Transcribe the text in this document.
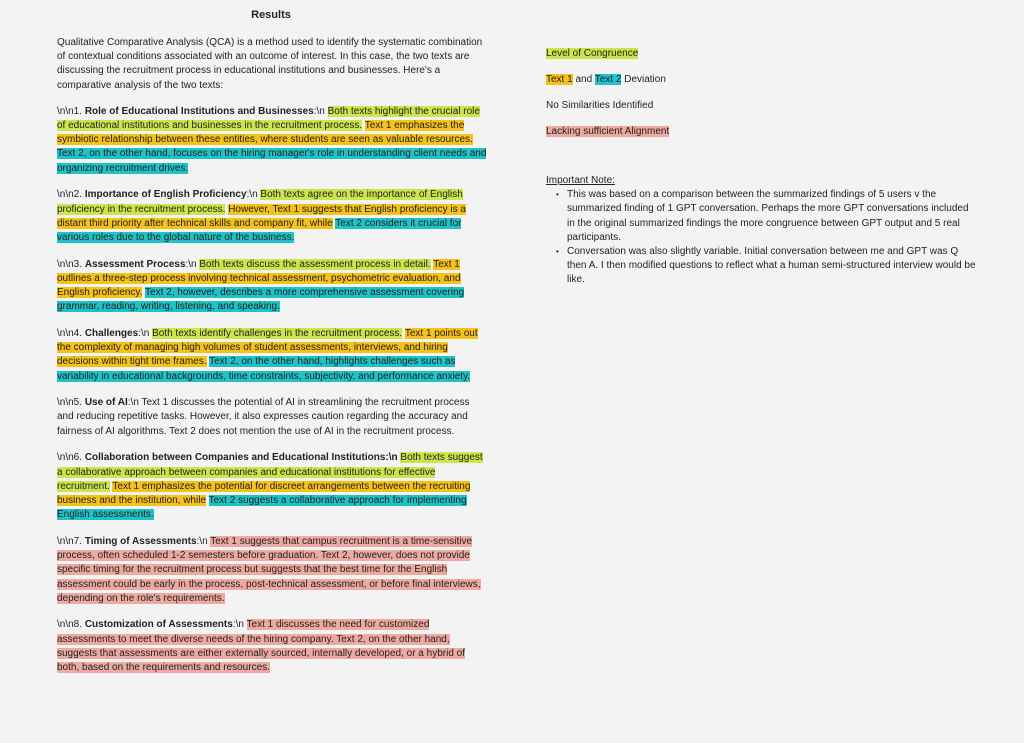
Results

Qualitative Comparative Analysis (QCA) is a method used to identify the systematic combination of contextual conditions associated with an outcome of interest. In this case, the two texts are discussing the recruitment process in educational institutions and businesses. Here's a comparative analysis of the two texts:

\n\n1. Role of Educational Institutions and Businesses:\n Both texts highlight the crucial role of educational institutions and businesses in the recruitment process. Text 1 emphasizes the symbiotic relationship between these entities, where students are seen as valuable resources. Text 2, on the other hand, focuses on the hiring manager's role in understanding client needs and organizing recruitment drives.

\n\n2. Importance of English Proficiency:\n Both texts agree on the importance of English proficiency in the recruitment process. However, Text 1 suggests that English proficiency is a distant third priority after technical skills and company fit, while Text 2 considers it crucial for various roles due to the global nature of the business.

\n\n3. Assessment Process:\n Both texts discuss the assessment process in detail. Text 1 outlines a three-step process involving technical assessment, psychometric evaluation, and English proficiency. Text 2, however, describes a more comprehensive assessment covering grammar, reading, writing, listening, and speaking.

\n\n4. Challenges:\n Both texts identify challenges in the recruitment process. Text 1 points out the complexity of managing high volumes of student assessments, interviews, and hiring decisions within tight time frames. Text 2, on the other hand, highlights challenges such as variability in educational backgrounds, time constraints, subjectivity, and performance anxiety.

\n\n5. Use of AI:\n Text 1 discusses the potential of AI in streamlining the recruitment process and reducing repetitive tasks. However, it also expresses caution regarding the accuracy and fairness of AI algorithms. Text 2 does not mention the use of AI in the recruitment process.

\n\n6. Collaboration between Companies and Educational Institutions:\n Both texts suggest a collaborative approach between companies and educational institutions for effective recruitment. Text 1 emphasizes the potential for discreet arrangements between the recruiting business and the institution, while Text 2 suggests a collaborative approach for implementing English assessments.

\n\n7. Timing of Assessments:\n Text 1 suggests that campus recruitment is a time-sensitive process, often scheduled 1-2 semesters before graduation. Text 2, however, does not provide specific timing for the recruitment process but suggests that the best time for the English assessment could be early in the process, post-technical assessment, or before final interviews, depending on the role's requirements.

\n\n8. Customization of Assessments:\n Text 1 discusses the need for customized assessments to meet the diverse needs of the hiring company. Text 2, on the other hand, suggests that assessments are either externally sourced, internally developed, or a hybrid of both, based on the requirements and resources.

Level of Congruence
Text 1 and Text 2 Deviation
No Similarities Identified
Lacking sufficient Alignment
Important Note:
• This was based on a comparison between the summarized findings of 5 users v the summarized finding of 1 GPT conversation. Perhaps the more GPT conversations included in the original summarized findings the more congruence between GPT output and 5 real participants.
• Conversation was also slightly variable. Initial conversation between me and GPT was Q then A. I then modified questions to reflect what a human semi-structured interview would be like.
